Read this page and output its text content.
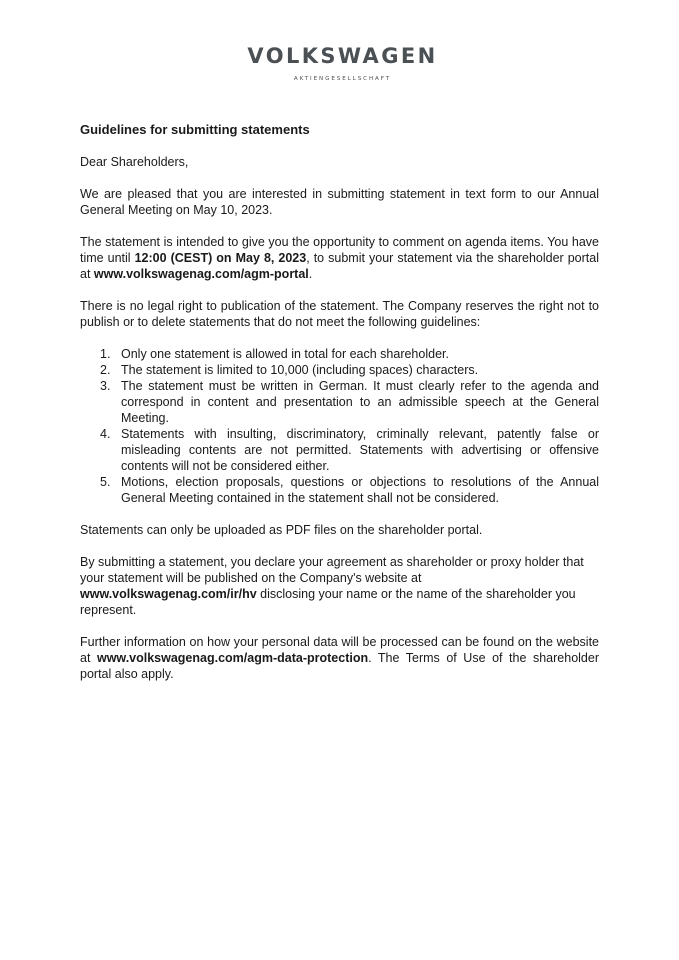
VOLKSWAGEN
AKTIENGESELLSCHAFT

Guidelines for submitting statements

Dear Shareholders,

We are pleased that you are interested in submitting statement in text form to our Annual General Meeting on May 10, 2023.

The statement is intended to give you the opportunity to comment on agenda items. You have time until 12:00 (CEST) on May 8, 2023, to submit your statement via the shareholder portal at www.volkswagenag.com/agm-portal.

There is no legal right to publication of the statement. The Company reserves the right not to publish or to delete statements that do not meet the following guidelines:

1. Only one statement is allowed in total for each shareholder.
2. The statement is limited to 10,000 (including spaces) characters.
3. The statement must be written in German. It must clearly refer to the agenda and correspond in content and presentation to an admissible speech at the General Meeting.
4. Statements with insulting, discriminatory, criminally relevant, patently false or misleading contents are not permitted. Statements with advertising or offensive contents will not be considered either.
5. Motions, election proposals, questions or objections to resolutions of the Annual General Meeting contained in the statement shall not be considered.

Statements can only be uploaded as PDF files on the shareholder portal.

By submitting a statement, you declare your agreement as shareholder or proxy holder that your statement will be published on the Company's website at www.volkswagenag.com/ir/hv disclosing your name or the name of the shareholder you represent.

Further information on how your personal data will be processed can be found on the website at www.volkswagenag.com/agm-data-protection. The Terms of Use of the shareholder portal also apply.
